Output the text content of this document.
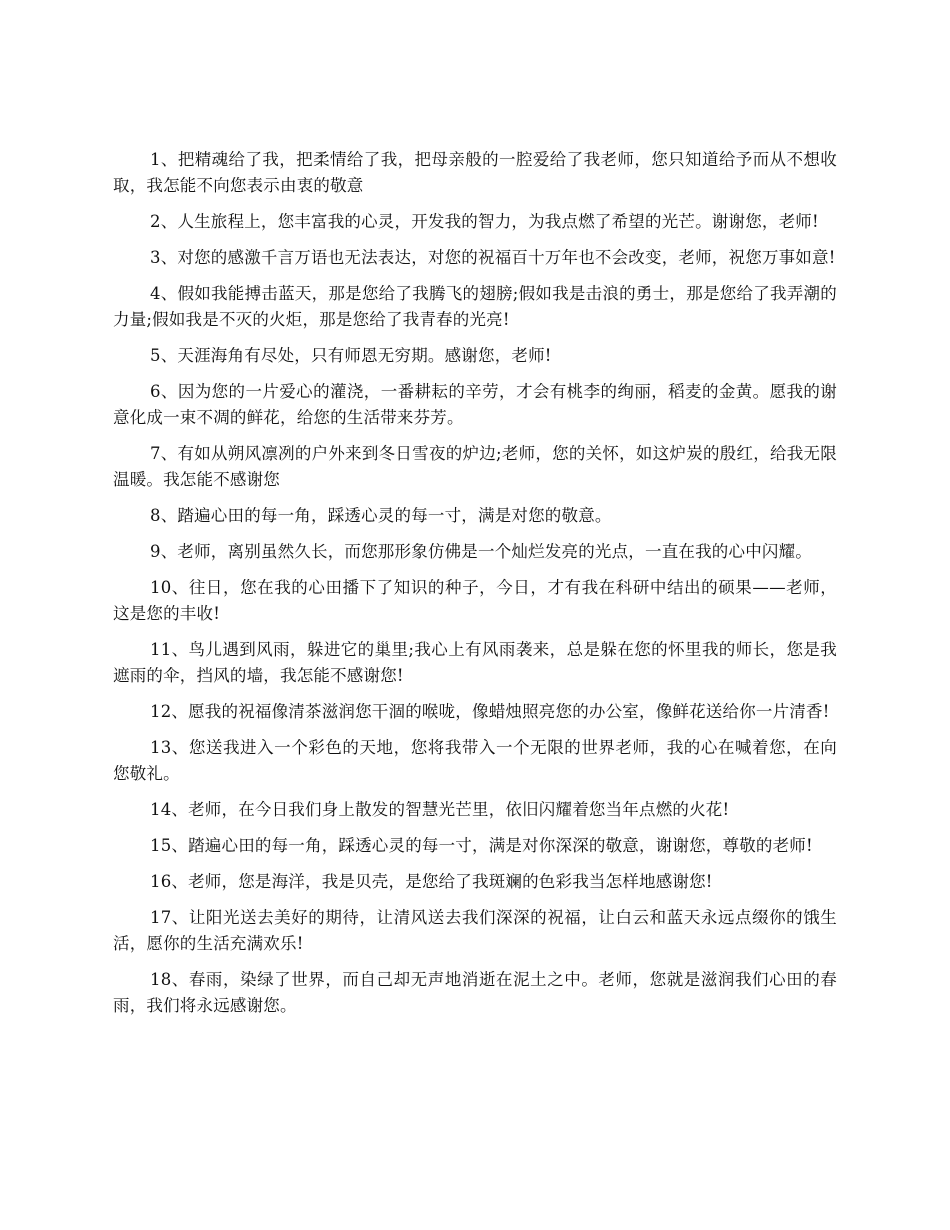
1、把精魂给了我，把柔情给了我，把母亲般的一腔爱给了我老师，您只知道给予而从不想收取，我怎能不向您表示由衷的敬意

2、人生旅程上，您丰富我的心灵，开发我的智力，为我点燃了希望的光芒。谢谢您，老师!

3、对您的感激千言万语也无法表达，对您的祝福百十万年也不会改变，老师，祝您万事如意!

4、假如我能搏击蓝天，那是您给了我腾飞的翅膀;假如我是击浪的勇士，那是您给了我弄潮的力量;假如我是不灭的火炬，那是您给了我青春的光亮!

5、天涯海角有尽处，只有师恩无穷期。感谢您，老师!

6、因为您的一片爱心的灌浇，一番耕耘的辛劳，才会有桃李的绚丽，稻麦的金黄。愿我的谢意化成一束不凋的鲜花，给您的生活带来芬芳。

7、有如从朔风凛冽的户外来到冬日雪夜的炉边;老师，您的关怀，如这炉炭的殷红，给我无限温暖。我怎能不感谢您

8、踏遍心田的每一角，踩透心灵的每一寸，满是对您的敬意。

9、老师，离别虽然久长，而您那形象仿佛是一个灿烂发亮的光点，一直在我的心中闪耀。

10、往日，您在我的心田播下了知识的种子，今日，才有我在科研中结出的硕果——老师，这是您的丰收!

11、鸟儿遇到风雨，躲进它的巢里;我心上有风雨袭来，总是躲在您的怀里我的师长，您是我遮雨的伞，挡风的墙，我怎能不感谢您!

12、愿我的祝福像清茶滋润您干涸的喉咙，像蜡烛照亮您的办公室，像鲜花送给你一片清香!

13、您送我进入一个彩色的天地，您将我带入一个无限的世界老师，我的心在喊着您，在向您敬礼。

14、老师，在今日我们身上散发的智慧光芒里，依旧闪耀着您当年点燃的火花!

15、踏遍心田的每一角，踩透心灵的每一寸，满是对你深深的敬意，谢谢您，尊敬的老师!

16、老师，您是海洋，我是贝壳，是您给了我斑斓的色彩我当怎样地感谢您!

17、让阳光送去美好的期待，让清风送去我们深深的祝福，让白云和蓝天永远点缀你的饿生活，愿你的生活充满欢乐!

18、春雨，染绿了世界，而自己却无声地消逝在泥土之中。老师，您就是滋润我们心田的春雨，我们将永远感谢您。
